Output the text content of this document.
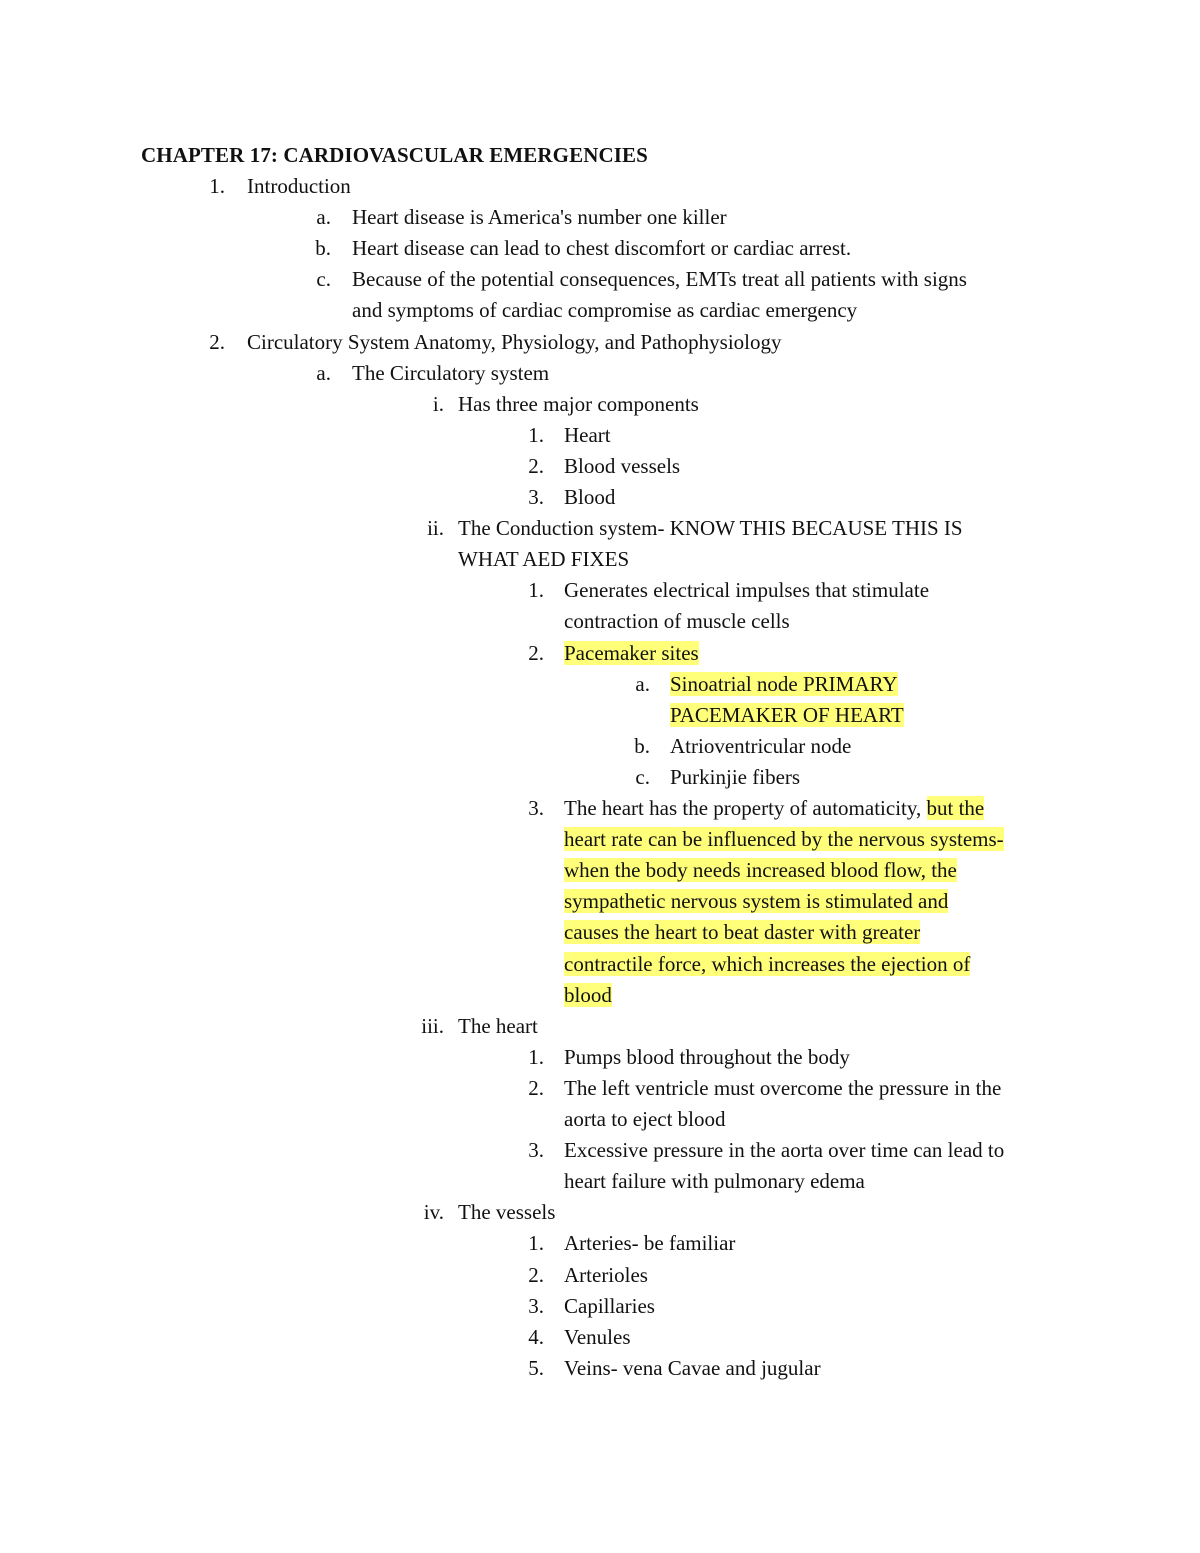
CHAPTER 17: CARDIOVASCULAR EMERGENCIES
1. Introduction
a. Heart disease is America's number one killer
b. Heart disease can lead to chest discomfort or cardiac arrest.
c. Because of the potential consequences, EMTs treat all patients with signs
and symptoms of cardiac compromise as cardiac emergency
2. Circulatory System Anatomy, Physiology, and Pathophysiology
a. The Circulatory system
i. Has three major components
1. Heart
2. Blood vessels
3. Blood
ii. The Conduction system- KNOW THIS BECAUSE THIS IS
WHAT AED FIXES
1. Generates electrical impulses that stimulate
contraction of muscle cells
2. Pacemaker sites
a. Sinoatrial node PRIMARY
PACEMAKER OF HEART
b. Atrioventricular node
c. Purkinjie fibers
3. The heart has the property of automaticity, but the
heart rate can be influenced by the nervous systems-
when the body needs increased blood flow, the
sympathetic nervous system is stimulated and
causes the heart to beat daster with greater
contractile force, which increases the ejection of
blood
iii. The heart
1. Pumps blood throughout the body
2. The left ventricle must overcome the pressure in the
aorta to eject blood
3. Excessive pressure in the aorta over time can lead to
heart failure with pulmonary edema
iv. The vessels
1. Arteries- be familiar
2. Arterioles
3. Capillaries
4. Venules
5. Veins- vena Cavae and jugular
